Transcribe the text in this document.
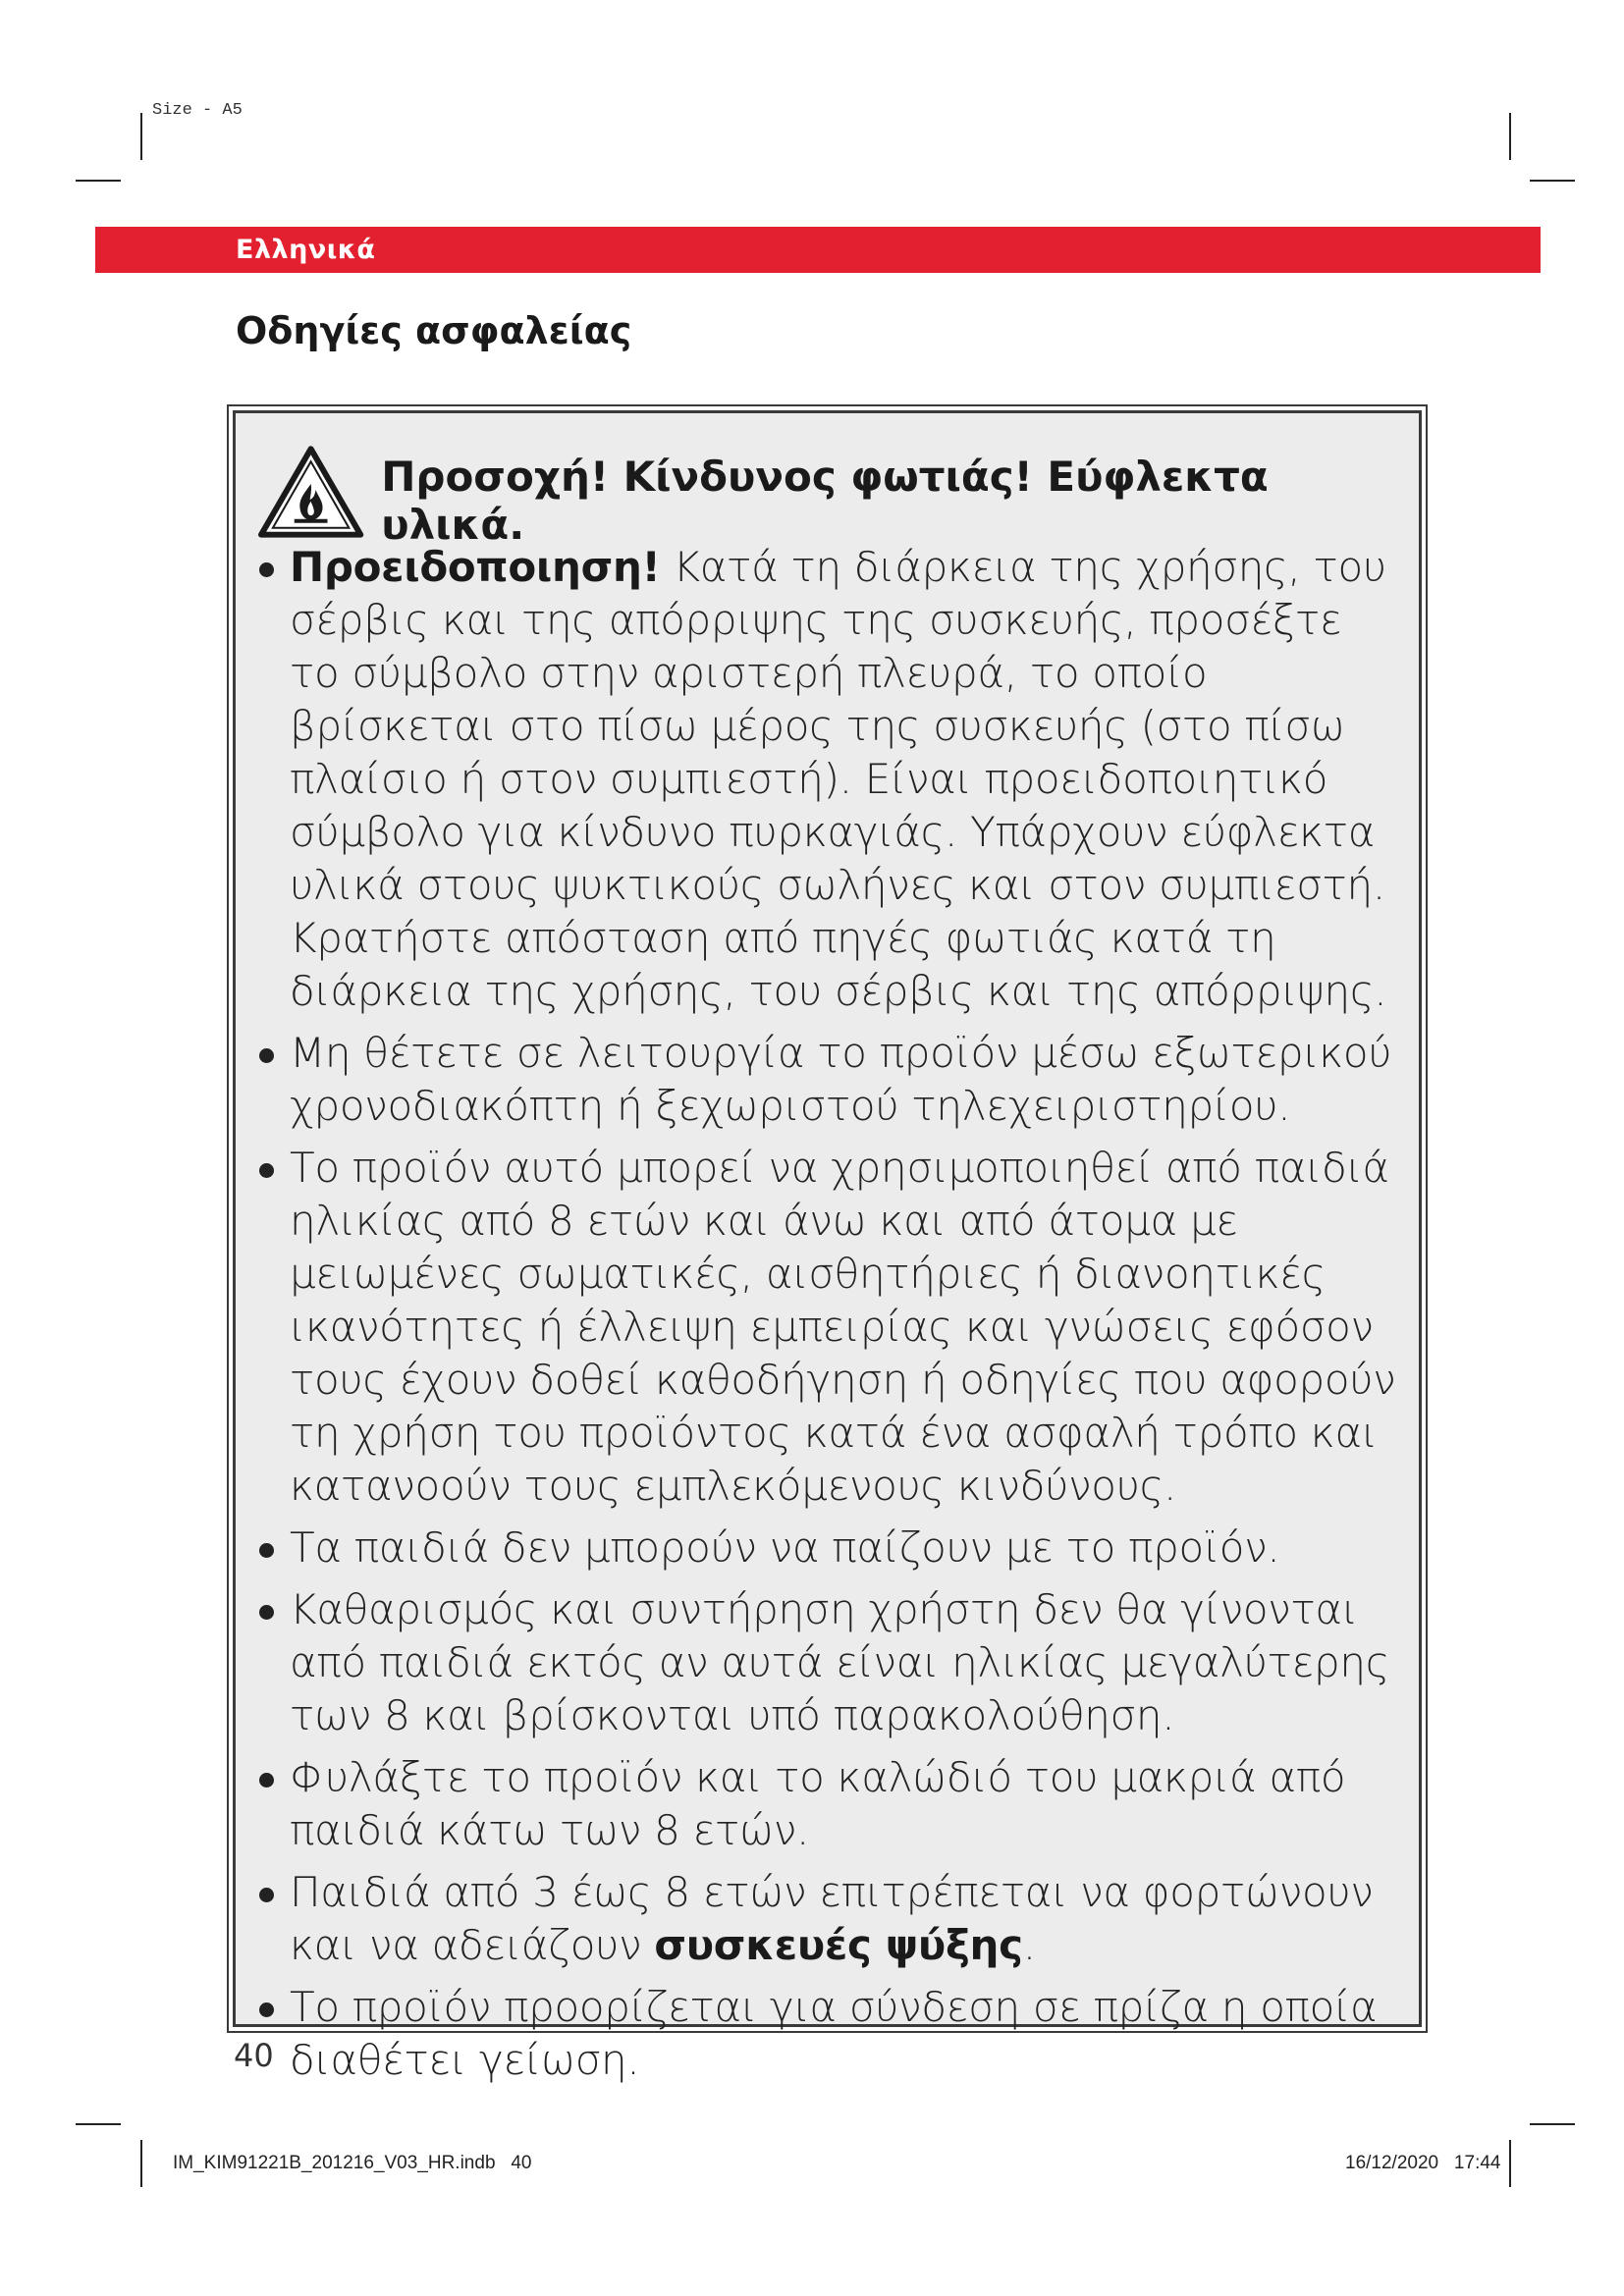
Size - A5
Ελληνικά
Οδηγίες ασφαλείας
Προσοχή! Κίνδυνος φωτιάς! Εύφλεκτα υλικά.
Προειδοποιηση! Κατά τη διάρκεια της χρήσης, του σέρβις και της απόρριψης της συσκευής, προσέξτε το σύμβολο στην αριστερή πλευρά, το οποίο βρίσκεται στο πίσω μέρος της συσκευής (στο πίσω πλαίσιο ή στον συμπιεστή). Είναι προειδοποιητικό σύμβολο για κίνδυνο πυρκαγιάς. Υπάρχουν εύφλεκτα υλικά στους ψυκτικούς σωλήνες και στον συμπιεστή. Κρατήστε απόσταση από πηγές φωτιάς κατά τη διάρκεια της χρήσης, του σέρβις και της απόρριψης.
Μη θέτετε σε λειτουργία το προϊόν μέσω εξωτερικού χρονοδιακόπτη ή ξεχωριστού τηλεχειριστηρίου.
Το προϊόν αυτό μπορεί να χρησιμοποιηθεί από παιδιά ηλικίας από 8 ετών και άνω και από άτομα με μειωμένες σωματικές, αισθητήριες ή διανοητικές ικανότητες ή έλλειψη εμπειρίας και γνώσεις εφόσον τους έχουν δοθεί καθοδήγηση ή οδηγίες που αφορούν τη χρήση του προϊόντος κατά ένα ασφαλή τρόπο και κατανοούν τους εμπλεκόμενους κινδύνους.
Τα παιδιά δεν μπορούν να παίζουν με το προϊόν.
Καθαρισμός και συντήρηση χρήστη δεν θα γίνονται από παιδιά εκτός αν αυτά είναι ηλικίας μεγαλύτερης των 8 και βρίσκονται υπό παρακολούθηση.
Φυλάξτε το προϊόν και το καλώδιό του μακριά από παιδιά κάτω των 8 ετών.
Παιδιά από 3 έως 8 ετών επιτρέπεται να φορτώνουν και να αδειάζουν συσκευές ψύξης.
Το προϊόν προορίζεται για σύνδεση σε πρίζα η οποία διαθέτει γείωση.
40
IM_KIM91221B_201216_V03_HR.indb   40	16/12/2020   17:44
